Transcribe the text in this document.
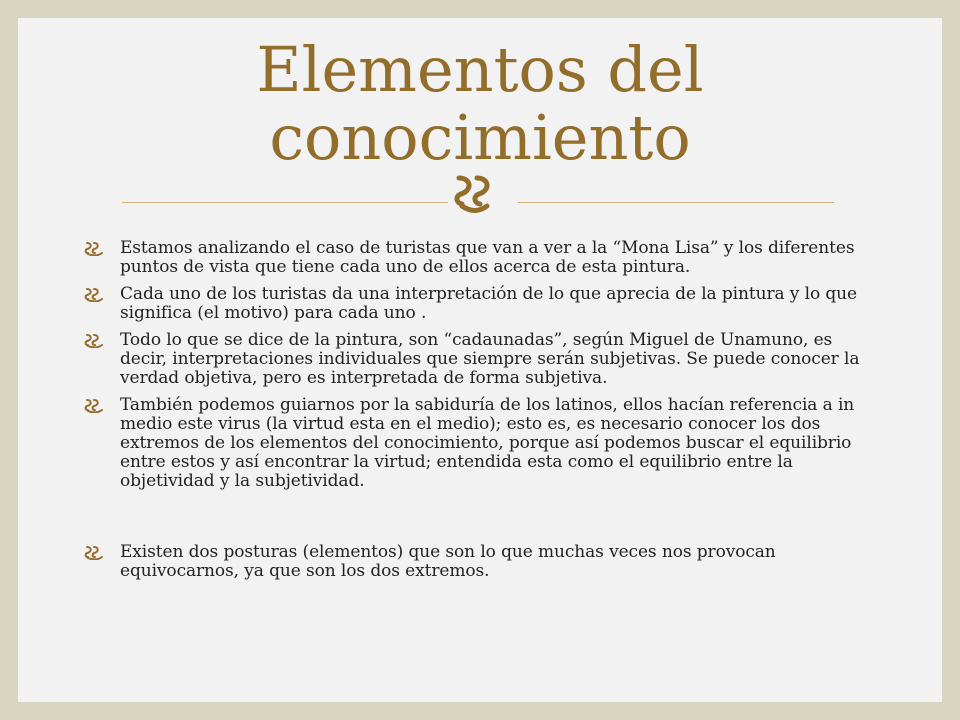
Elementos del conocimiento
Estamos analizando el caso de turistas que van a ver a la “Mona Lisa” y los diferentes puntos de vista que tiene cada uno de ellos acerca de esta pintura.
Cada uno de los turistas da una interpretación de lo que aprecia de la pintura y lo que significa (el motivo) para cada uno .
Todo lo que se dice de la pintura, son “cadaunadas”, según Miguel de Unamuno, es decir, interpretaciones individuales que siempre serán subjetivas. Se puede conocer la verdad objetiva, pero es interpretada de forma subjetiva.
También podemos guiarnos por la sabiduría de los latinos, ellos hacían referencia a in medio este virus (la virtud esta en el medio); esto es, es necesario conocer los dos extremos de los elementos del conocimiento, porque así podemos buscar el equilibrio entre estos y así encontrar la virtud; entendida esta como el equilibrio entre la objetividad y la subjetividad.
Existen dos posturas (elementos) que son lo que muchas veces nos provocan equivocarnos, ya que son los dos extremos.
